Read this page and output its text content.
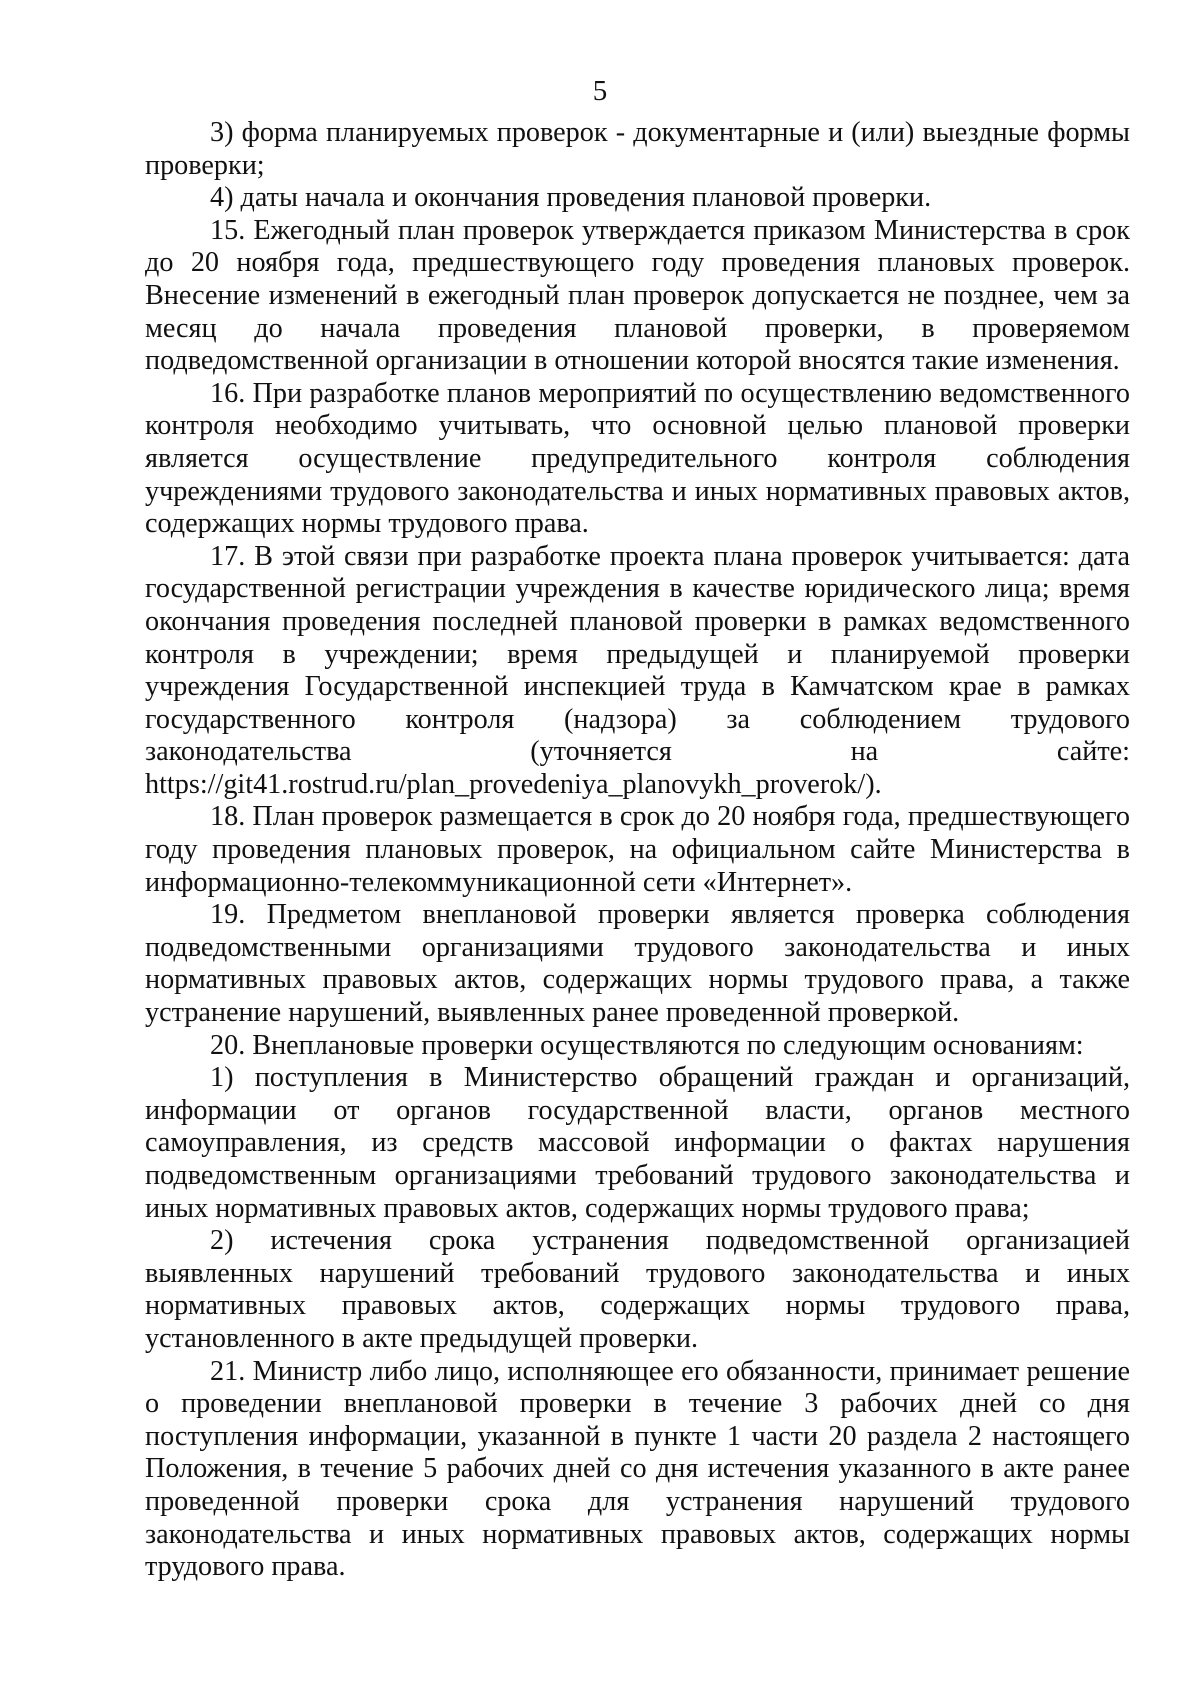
5

3) форма планируемых проверок - документарные и (или) выездные формы проверки;

4) даты начала и окончания проведения плановой проверки.

15. Ежегодный план проверок утверждается приказом Министерства в срок до 20 ноября года, предшествующего году проведения плановых проверок. Внесение изменений в ежегодный план проверок допускается не позднее, чем за месяц до начала проведения плановой проверки, в проверяемом подведомственной организации в отношении которой вносятся такие изменения.

16. При разработке планов мероприятий по осуществлению ведомственного контроля необходимо учитывать, что основной целью плановой проверки является осуществление предупредительного контроля соблюдения учреждениями трудового законодательства и иных нормативных правовых актов, содержащих нормы трудового права.

17. В этой связи при разработке проекта плана проверок учитывается: дата государственной регистрации учреждения в качестве юридического лица; время окончания проведения последней плановой проверки в рамках ведомственного контроля в учреждении; время предыдущей и планируемой проверки учреждения Государственной инспекцией труда в Камчатском крае в рамках государственного контроля (надзора) за соблюдением трудового законодательства (уточняется на сайте: https://git41.rostrud.ru/plan_provedeniya_planovykh_proverok/).

18. План проверок размещается в срок до 20 ноября года, предшествующего году проведения плановых проверок, на официальном сайте Министерства в информационно-телекоммуникационной сети «Интернет».

19. Предметом внеплановой проверки является проверка соблюдения подведомственными организациями трудового законодательства и иных нормативных правовых актов, содержащих нормы трудового права, а также устранение нарушений, выявленных ранее проведенной проверкой.

20. Внеплановые проверки осуществляются по следующим основаниям:

1) поступления в Министерство обращений граждан и организаций, информации от органов государственной власти, органов местного самоуправления, из средств массовой информации о фактах нарушения подведомственным организациями требований трудового законодательства и иных нормативных правовых актов, содержащих нормы трудового права;

2) истечения срока устранения подведомственной организацией выявленных нарушений требований трудового законодательства и иных нормативных правовых актов, содержащих нормы трудового права, установленного в акте предыдущей проверки.

21. Министр либо лицо, исполняющее его обязанности, принимает решение о проведении внеплановой проверки в течение 3 рабочих дней со дня поступления информации, указанной в пункте 1 части 20 раздела 2 настоящего Положения, в течение 5 рабочих дней со дня истечения указанного в акте ранее проведенной проверки срока для устранения нарушений трудового законодательства и иных нормативных правовых актов, содержащих нормы трудового права.
